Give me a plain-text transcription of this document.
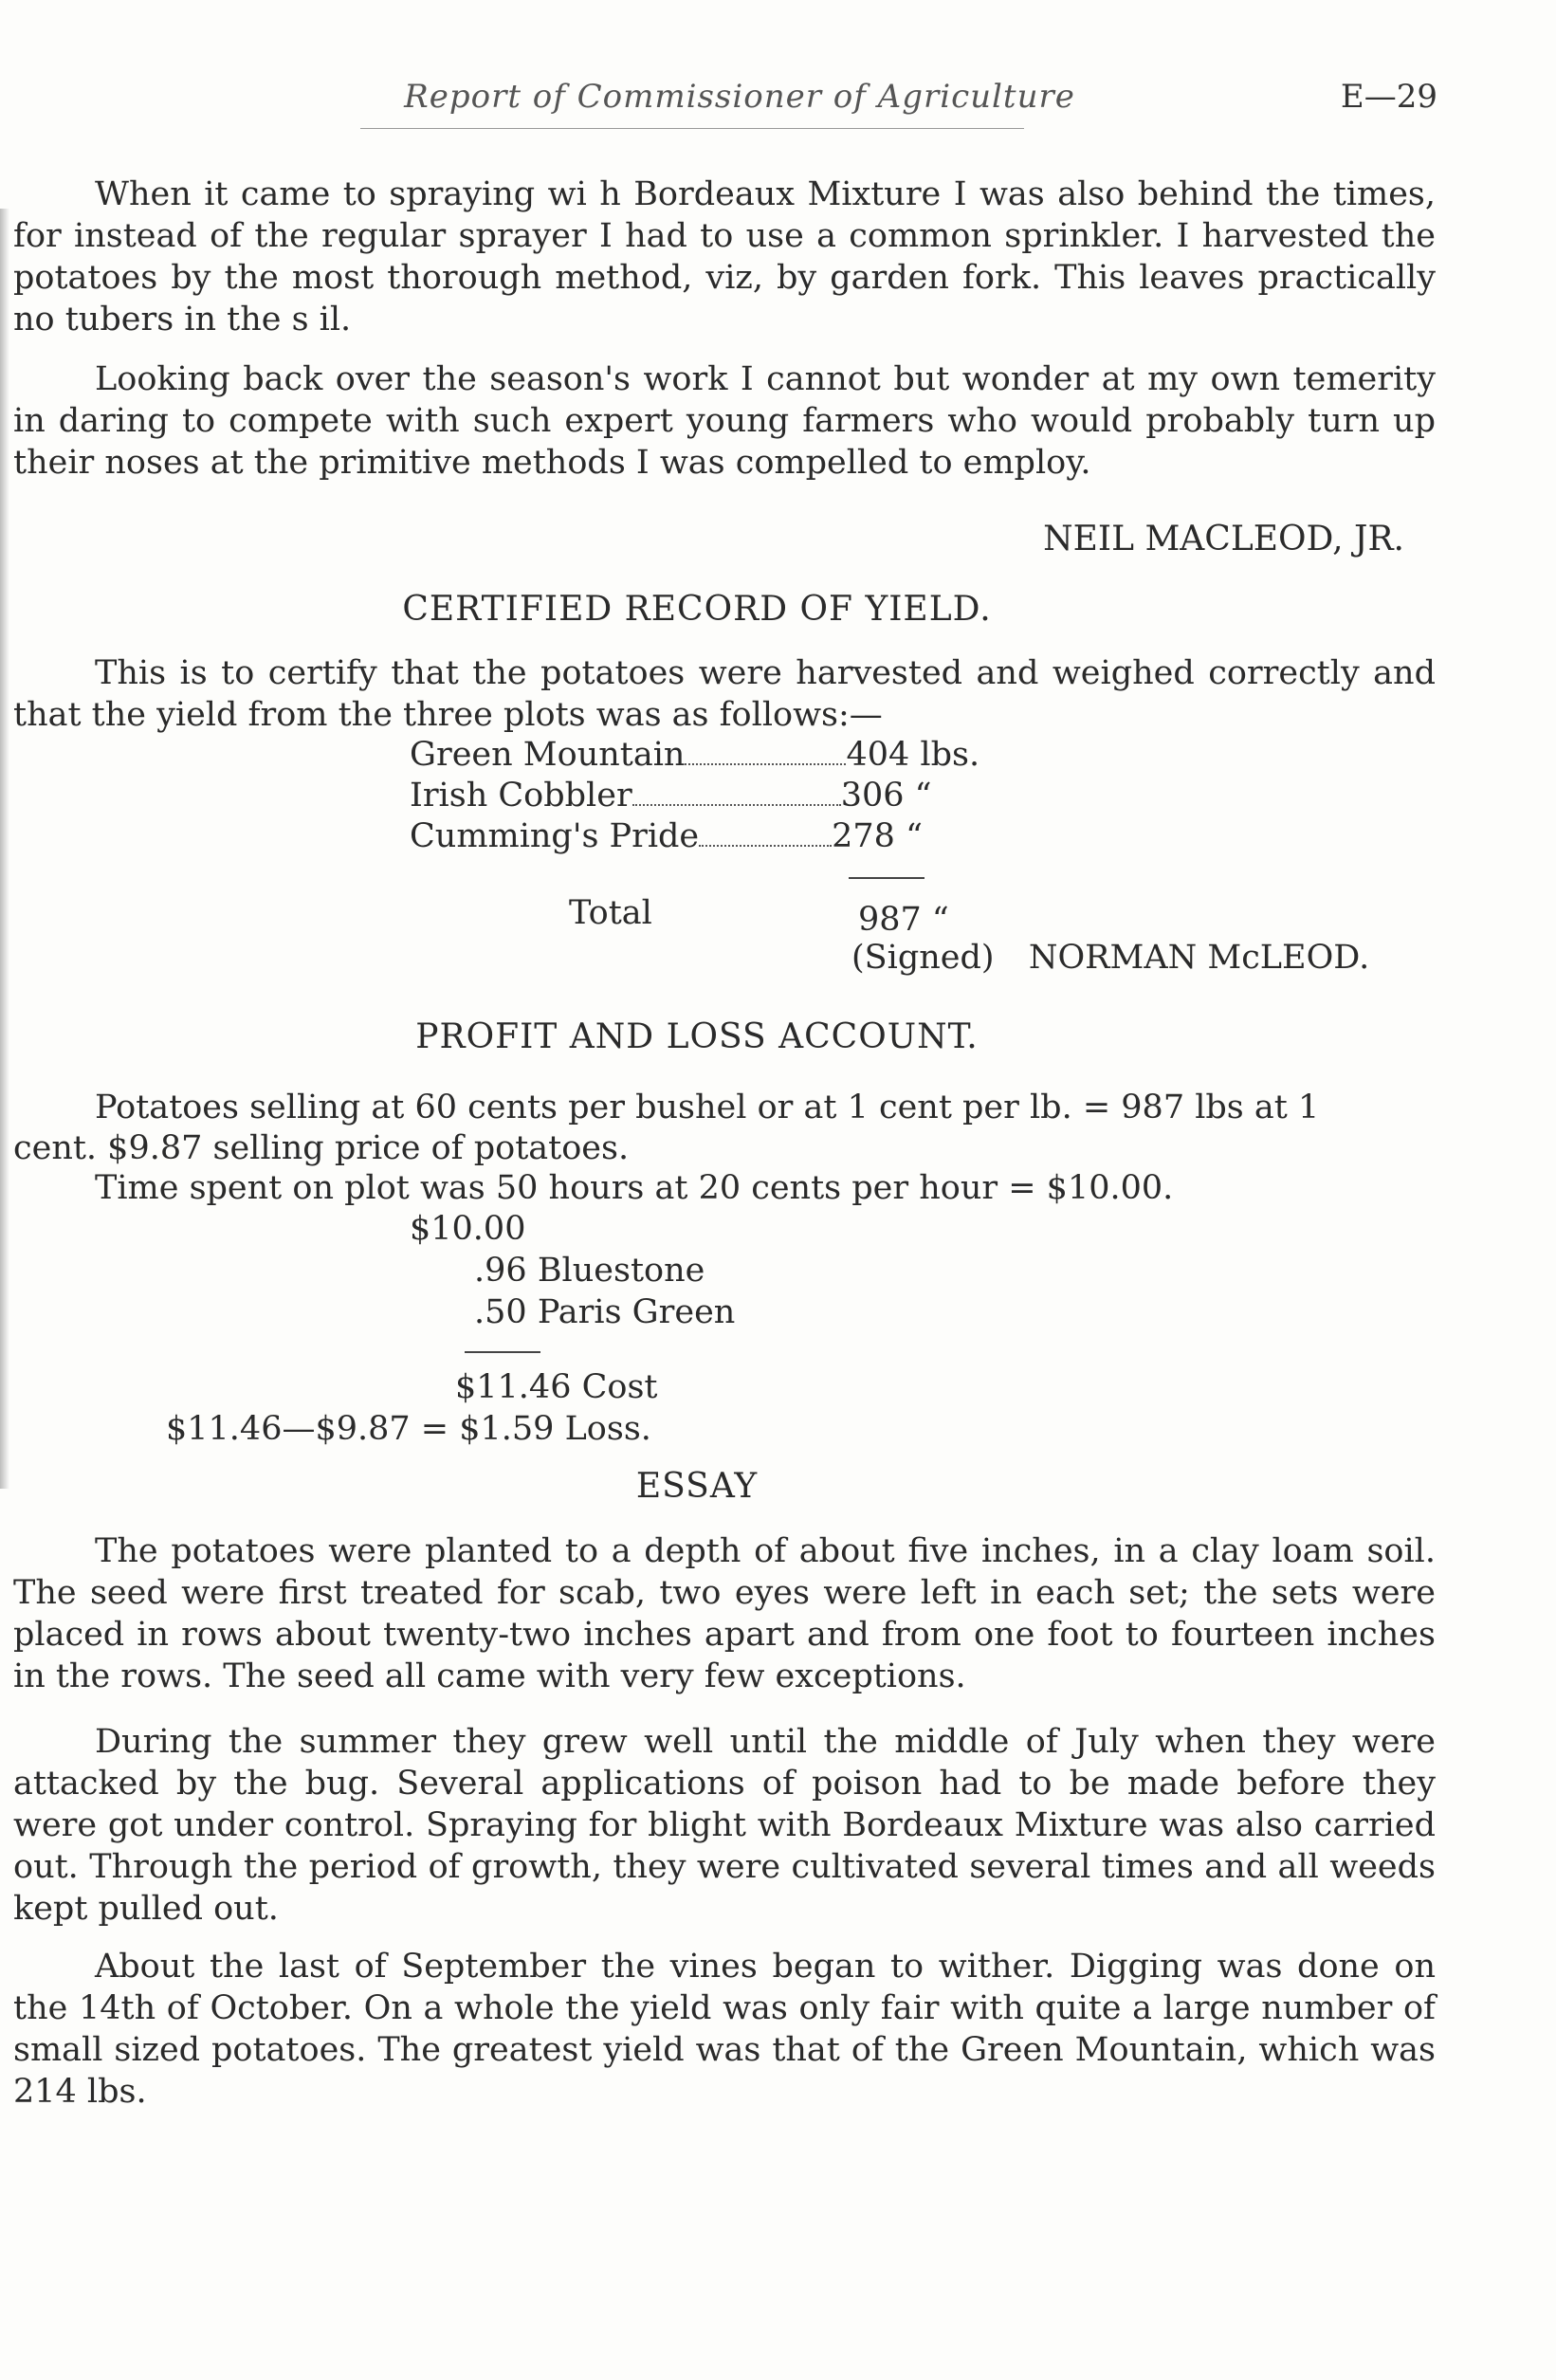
Report of Commissioner of Agriculture	E—29

When it came to spraying wi h Bordeaux Mixture I was also behind the times, for instead of the regular sprayer I had to use a common sprinkler. I harvested the potatoes by the most thorough method, viz, by garden fork. This leaves practically no tubers in the s il.

Looking back over the season's work I cannot but wonder at my own temerity in daring to compete with such expert young farmers who would probably turn up their noses at the primitive methods I was compelled to employ.

NEIL MACLEOD, JR.
CERTIFIED RECORD OF YIELD.

This is to certify that the potatoes were harvested and weighed correctly and that the yield from the three plots was as follows:—

Green Mountain	404 lbs.
Irish Cobbler	306 “
Cumming's Pride	278 “
Total	987 “
(Signed) NORMAN McLEOD.
PROFIT AND LOSS ACCOUNT.
Potatoes selling at 60 cents per bushel or at 1 cent per lb. = 987 lbs at 1
cent. $9.87 selling price of potatoes.
Time spent on plot was 50 hours at 20 cents per hour = $10.00.
$10.00
.96 Bluestone
.50 Paris Green
$11.46 Cost
$11.46—$9.87 = $1.59 Loss.
ESSAY

The potatoes were planted to a depth of about five inches, in a clay loam soil. The seed were first treated for scab, two eyes were left in each set; the sets were placed in rows about twenty-two inches apart and from one foot to fourteen inches in the rows. The seed all came with very few exceptions.

During the summer they grew well until the middle of July when they were attacked by the bug. Several applications of poison had to be made before they were got under control. Spraying for blight with Bordeaux Mixture was also carried out. Through the period of growth, they were cultivated several times and all weeds kept pulled out.

About the last of September the vines began to wither. Digging was done on the 14th of October. On a whole the yield was only fair with quite a large number of small sized potatoes. The greatest yield was that of the Green Mountain, which was 214 lbs.
